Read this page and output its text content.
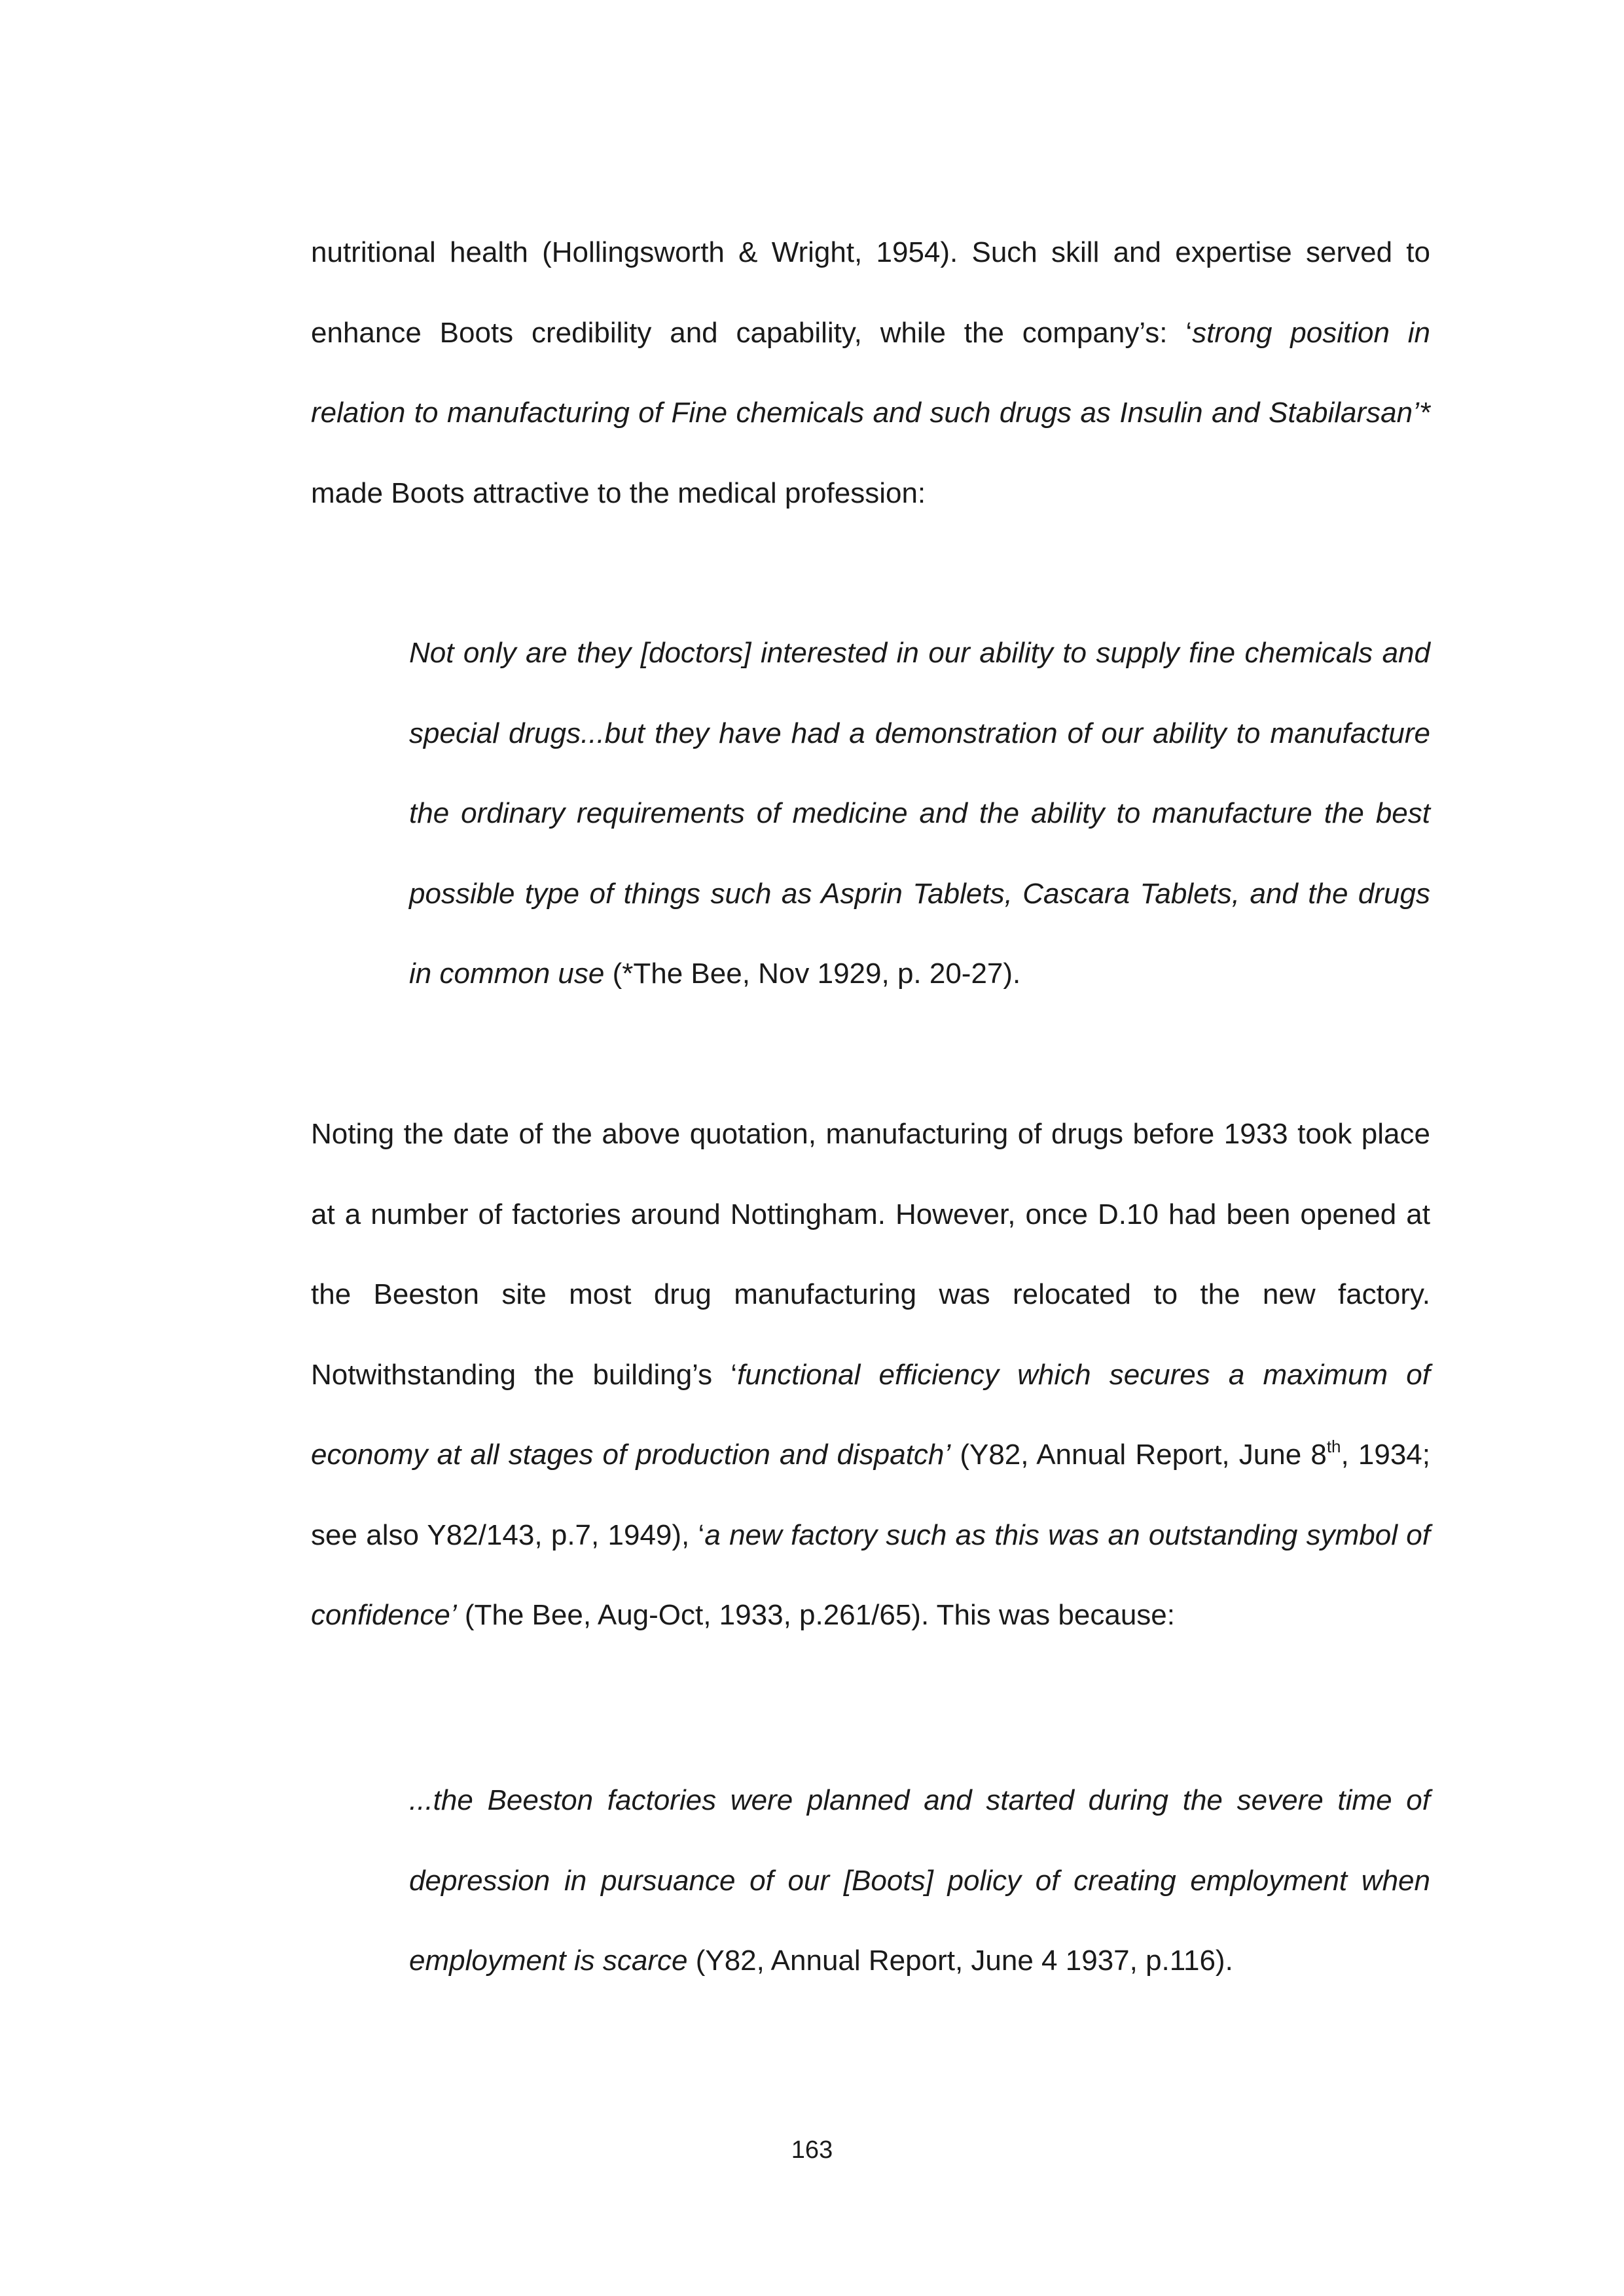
nutritional health (Hollingsworth & Wright, 1954). Such skill and expertise served to enhance Boots credibility and capability, while the company’s: ‘strong position in relation to manufacturing of Fine chemicals and such drugs as Insulin and Stabilarsan’* made Boots attractive to the medical profession:

Not only are they [doctors] interested in our ability to supply fine chemicals and special drugs...but they have had a demonstration of our ability to manufacture the ordinary requirements of medicine and the ability to manufacture the best possible type of things such as Asprin Tablets, Cascara Tablets, and the drugs in common use (*The Bee, Nov 1929, p. 20-27).

Noting the date of the above quotation, manufacturing of drugs before 1933 took place at a number of factories around Nottingham. However, once D.10 had been opened at the Beeston site most drug manufacturing was relocated to the new factory. Notwithstanding the building’s ‘functional efficiency which secures a maximum of economy at all stages of production and dispatch’ (Y82, Annual Report, June 8th, 1934; see also Y82/143, p.7, 1949), ‘a new factory such as this was an outstanding symbol of confidence’ (The Bee, Aug-Oct, 1933, p.261/65). This was because:

...the Beeston factories were planned and started during the severe time of depression in pursuance of our [Boots] policy of creating employment when employment is scarce (Y82, Annual Report, June 4 1937, p.116).

163
